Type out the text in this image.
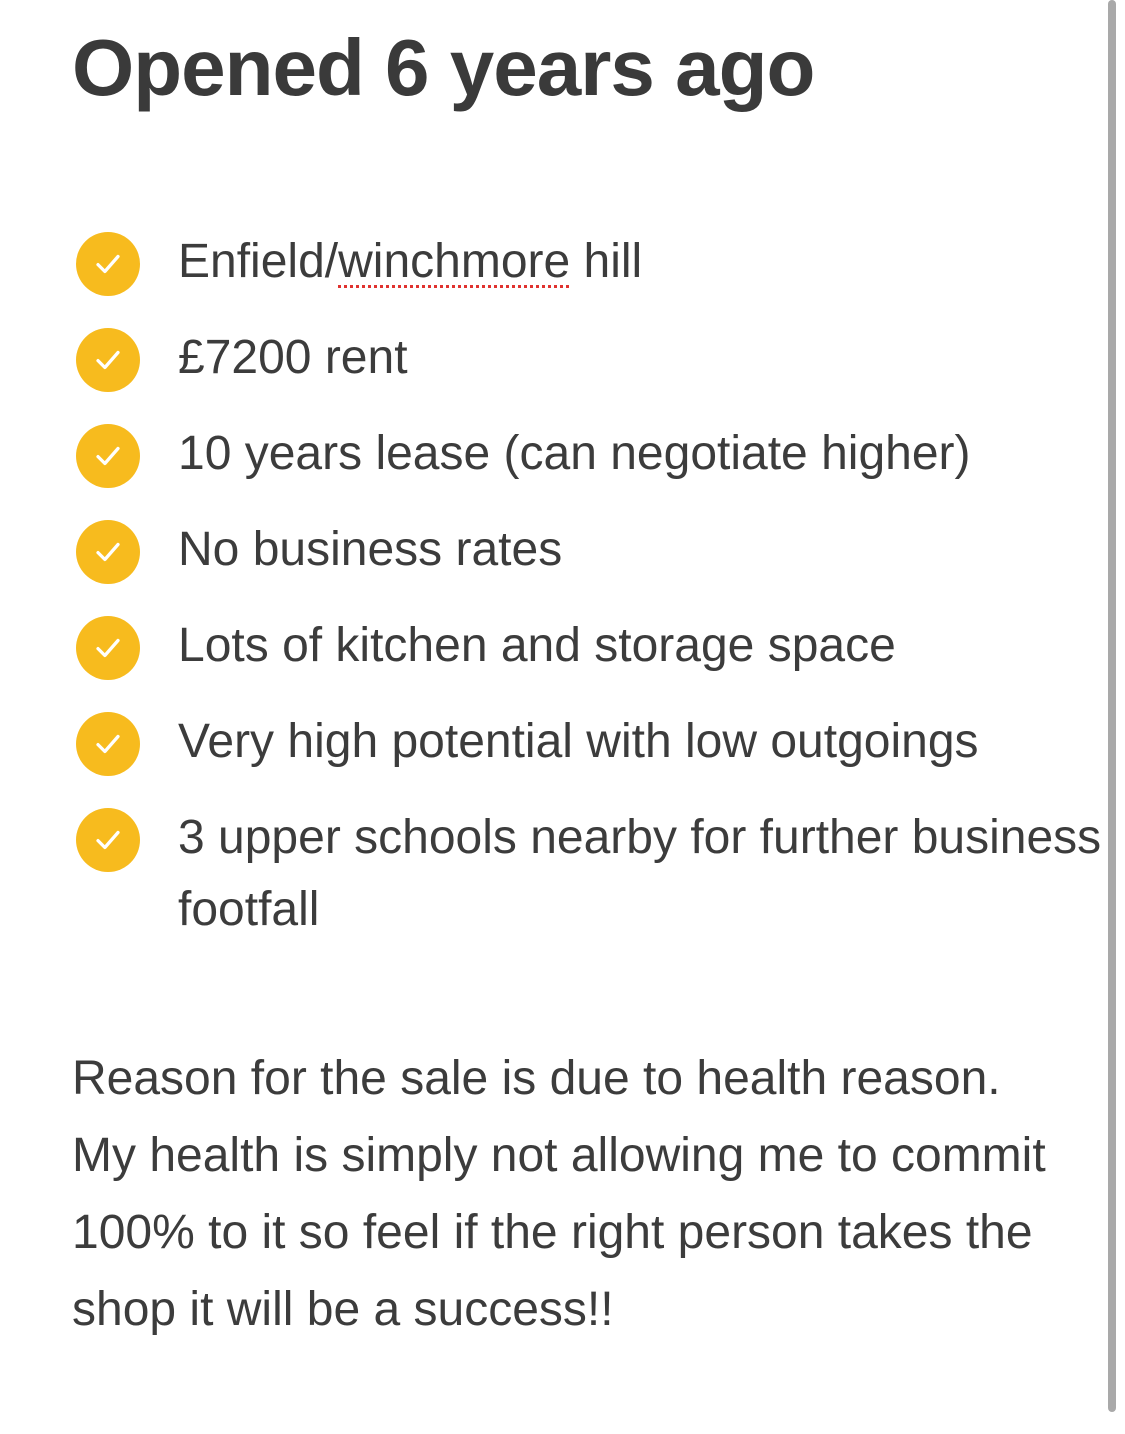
Opened 6 years ago
Enfield/winchmore hill
£7200 rent
10 years lease (can negotiate higher)
No business rates
Lots of kitchen and storage space
Very high potential with low outgoings
3 upper schools nearby for further business footfall

Reason for the sale is due to health reason. My health is simply not allowing me to commit 100% to it so feel if the right person takes the shop it will be a success!!
